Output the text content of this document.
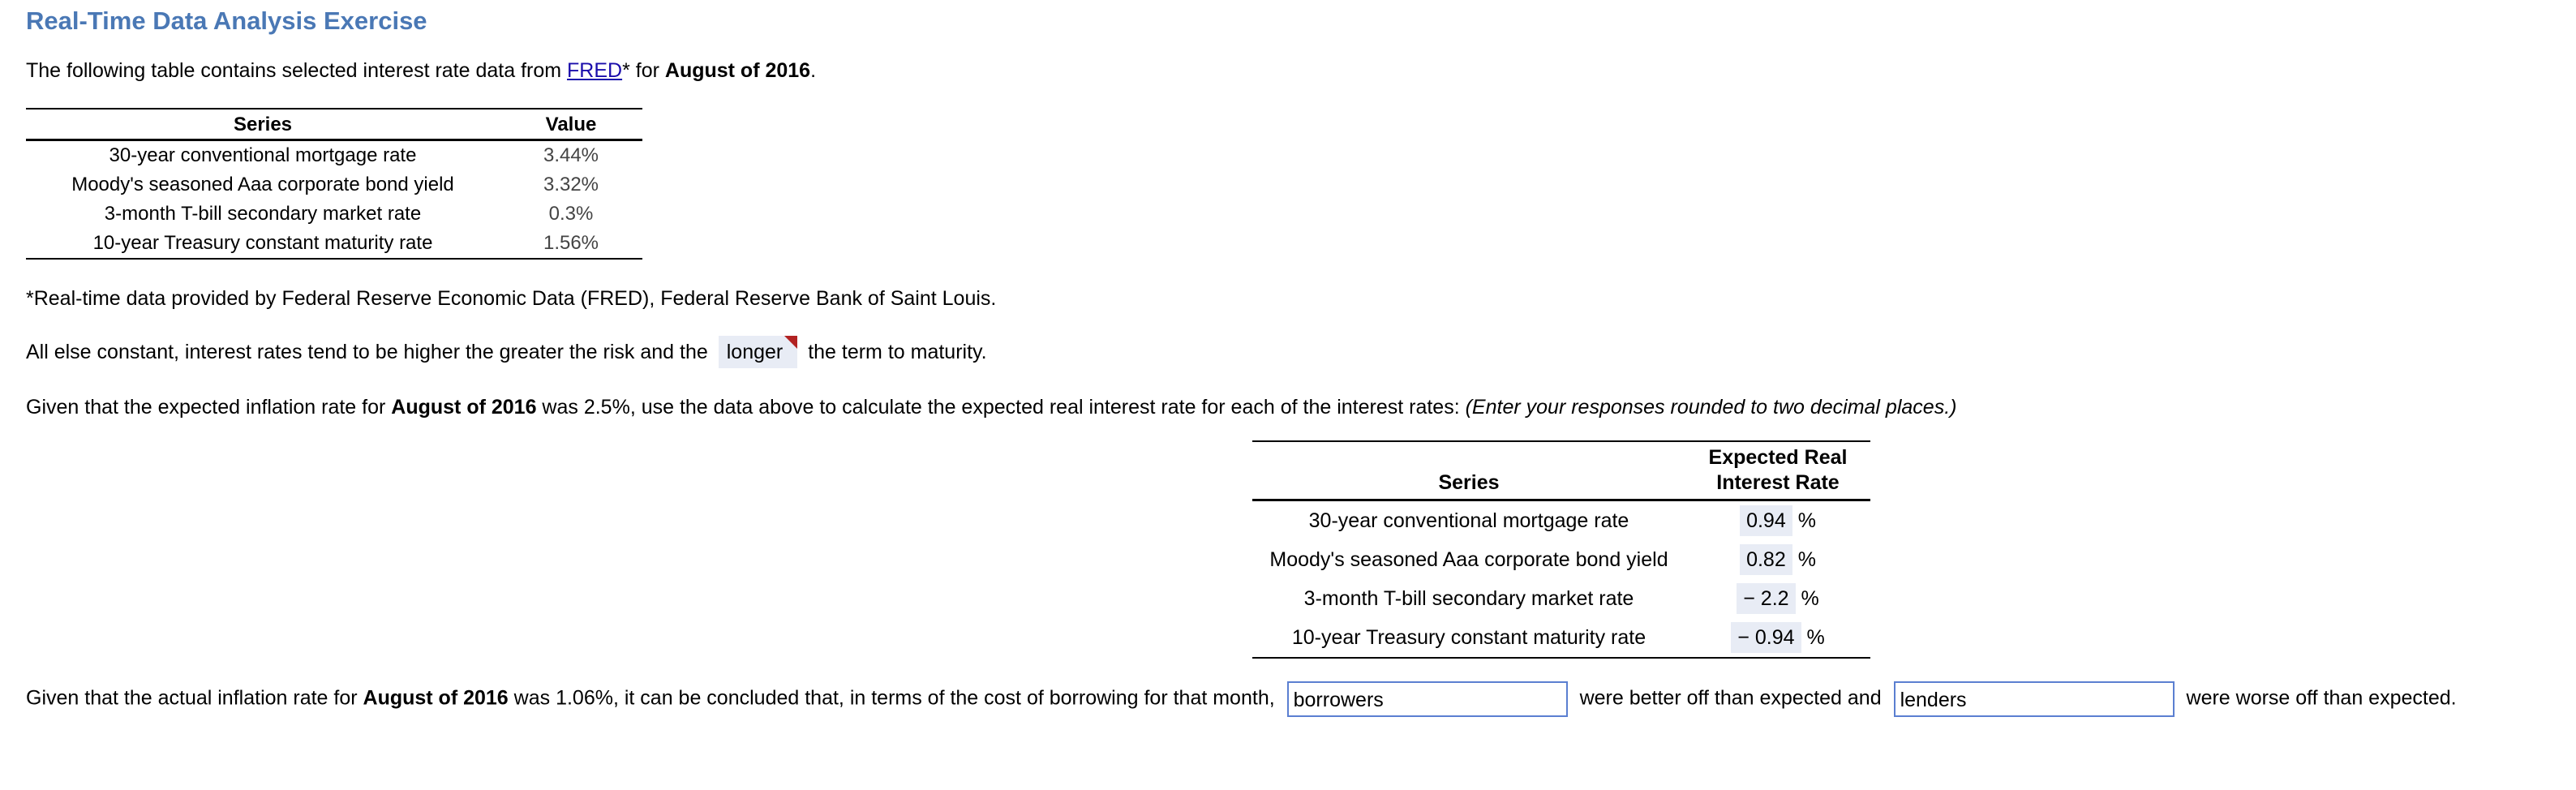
Real-Time Data Analysis Exercise
The following table contains selected interest rate data from FRED* for August of 2016.
Series	Value
30-year conventional mortgage rate	3.44%
Moody's seasoned Aaa corporate bond yield	3.32%
3-month T-bill secondary market rate	0.3%
10-year Treasury constant maturity rate	1.56%
*Real-time data provided by Federal Reserve Economic Data (FRED), Federal Reserve Bank of Saint Louis.
All else constant, interest rates tend to be higher the greater the risk and the longer the term to maturity.
Given that the expected inflation rate for August of 2016 was 2.5%, use the data above to calculate the expected real interest rate for each of the interest rates: (Enter your responses rounded to two decimal places.)
Series	Expected Real
Interest Rate
30-year conventional mortgage rate	0.94 %
Moody's seasoned Aaa corporate bond yield	0.82 %
3-month T-bill secondary market rate	− 2.2 %
10-year Treasury constant maturity rate	− 0.94 %
Given that the actual inflation rate for August of 2016 was 1.06%, it can be concluded that, in terms of the cost of borrowing for that month, borrowers	were better off than expected and lenders	were worse off than expected.
